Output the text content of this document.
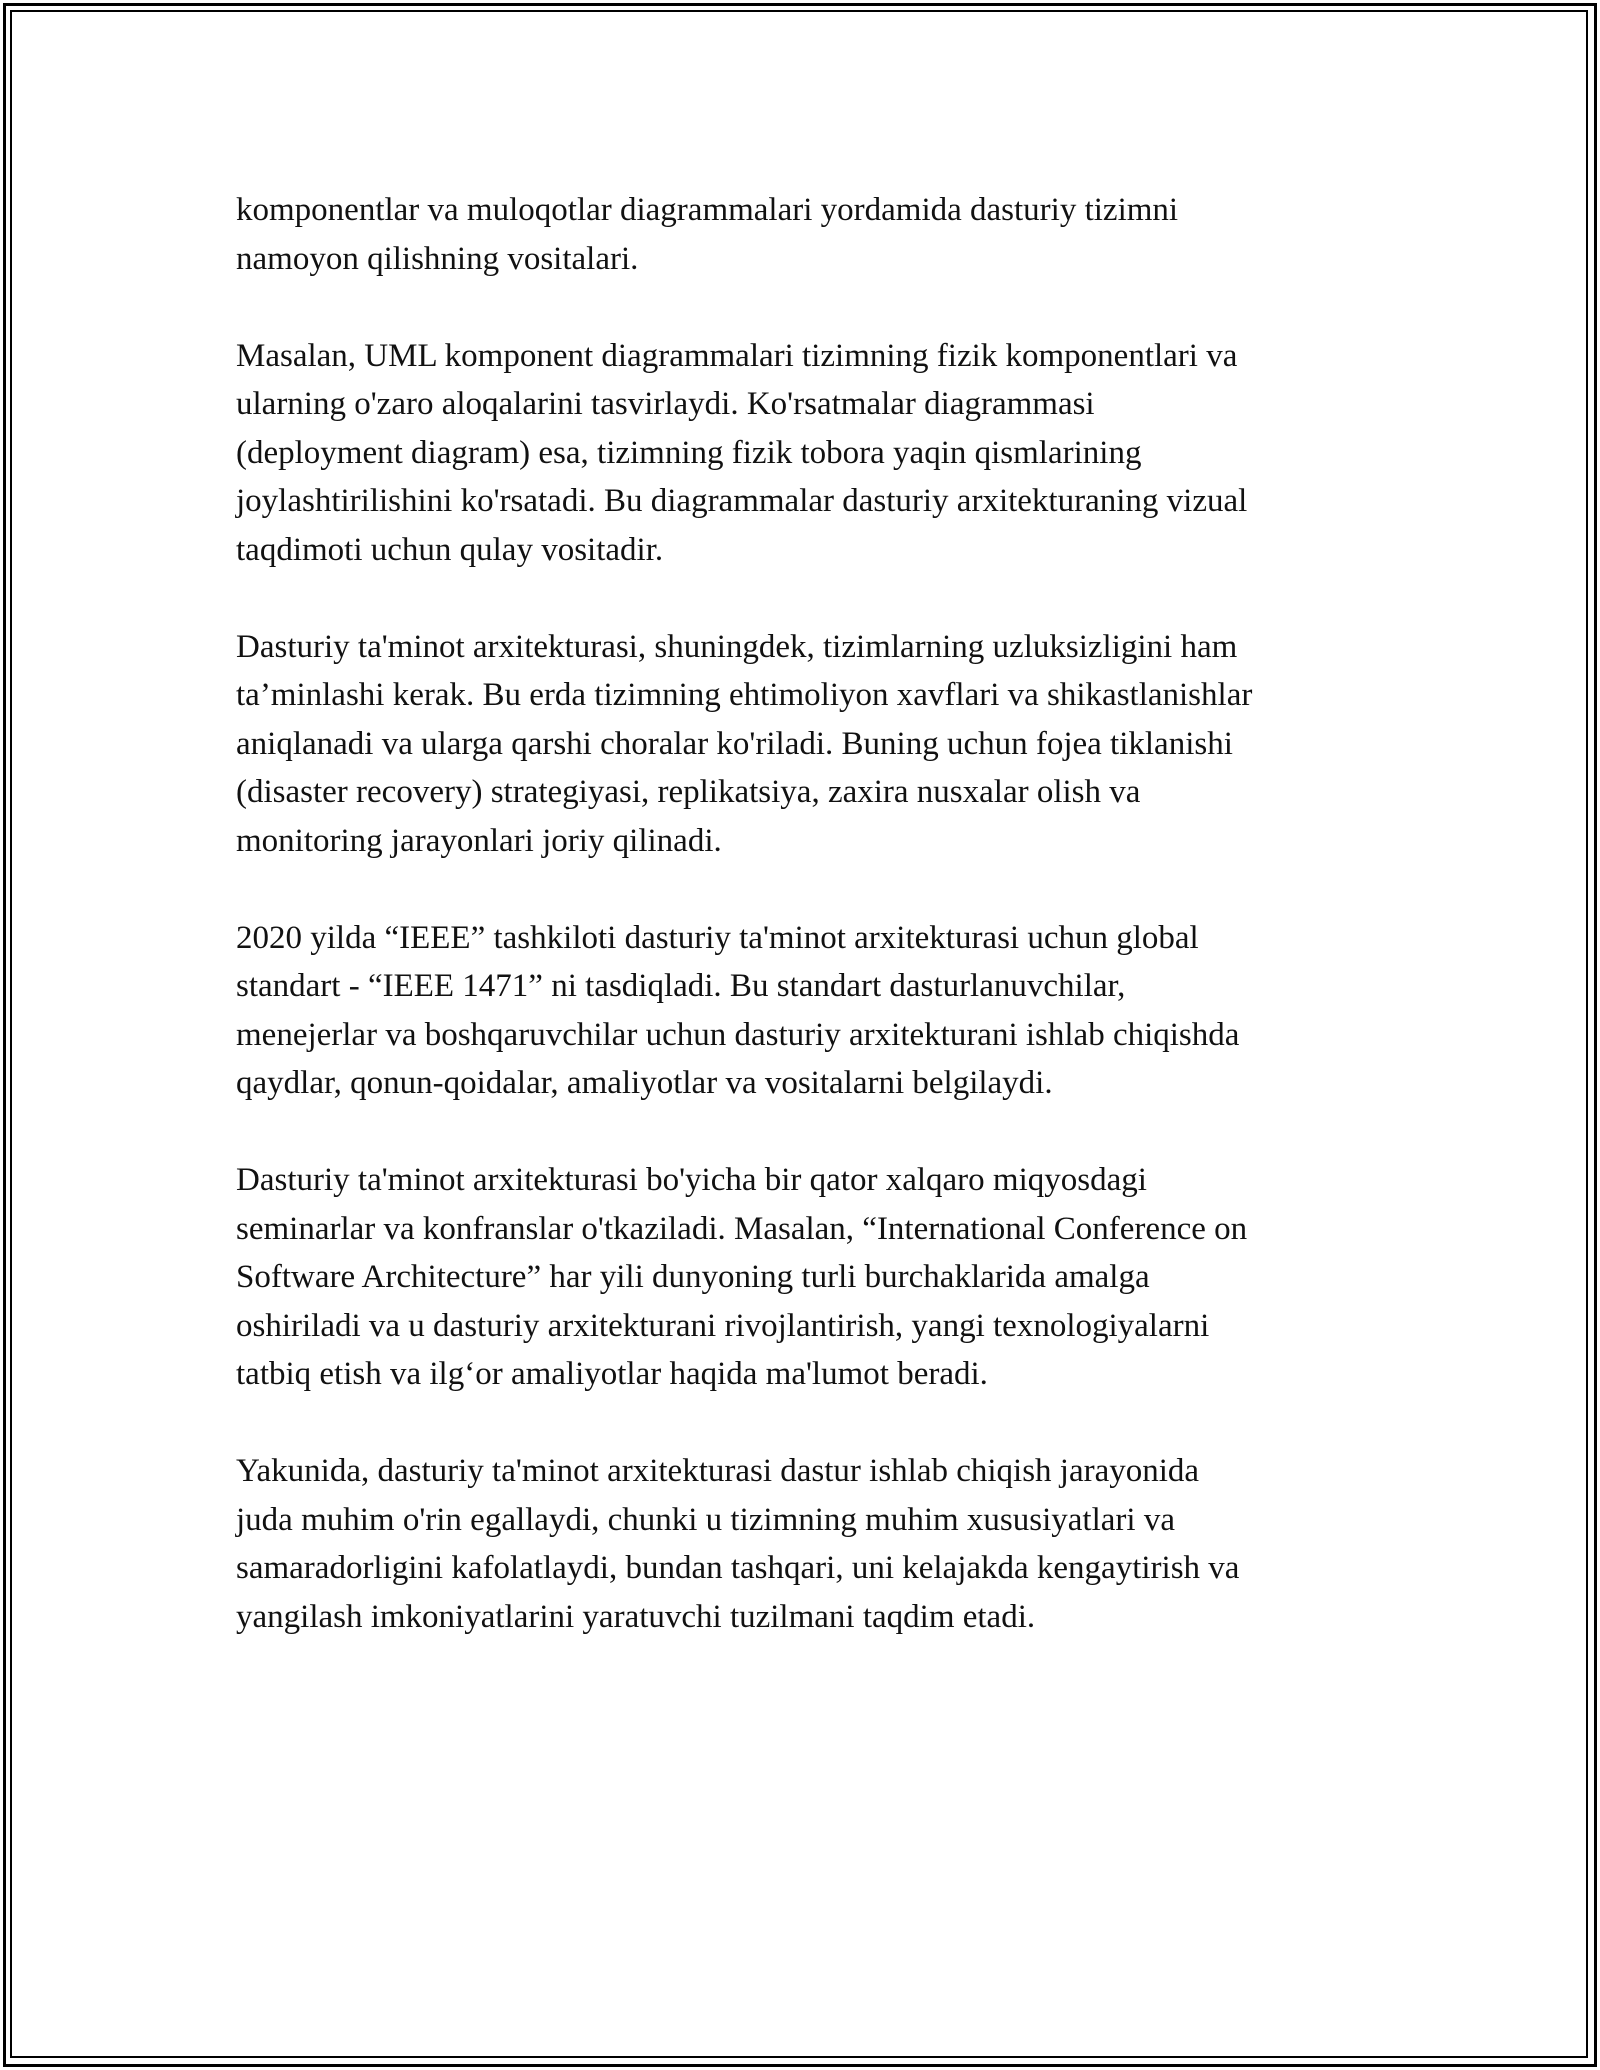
komponentlar va muloqotlar diagrammalari yordamida dasturiy tizimni
namoyon qilishning vositalari.

Masalan, UML komponent diagrammalari tizimning fizik komponentlari va
ularning o'zaro aloqalarini tasvirlaydi. Ko'rsatmalar diagrammasi
(deployment diagram) esa, tizimning fizik tobora yaqin qismlarining
joylashtirilishini ko'rsatadi. Bu diagrammalar dasturiy arxitekturaning vizual
taqdimoti uchun qulay vositadir.

Dasturiy ta'minot arxitekturasi, shuningdek, tizimlarning uzluksizligini ham
ta’minlashi kerak. Bu erda tizimning ehtimoliyon xavflari va shikastlanishlar
aniqlanadi va ularga qarshi choralar ko'riladi. Buning uchun fojea tiklanishi
(disaster recovery) strategiyasi, replikatsiya, zaxira nusxalar olish va
monitoring jarayonlari joriy qilinadi.

2020 yilda “IEEE” tashkiloti dasturiy ta'minot arxitekturasi uchun global
standart - “IEEE 1471” ni tasdiqladi. Bu standart dasturlanuvchilar,
menejerlar va boshqaruvchilar uchun dasturiy arxitekturani ishlab chiqishda
qaydlar, qonun-qoidalar, amaliyotlar va vositalarni belgilaydi.

Dasturiy ta'minot arxitekturasi bo'yicha bir qator xalqaro miqyosdagi
seminarlar va konfranslar o'tkaziladi. Masalan, “International Conference on
Software Architecture” har yili dunyoning turli burchaklarida amalga
oshiriladi va u dasturiy arxitekturani rivojlantirish, yangi texnologiyalarni
tatbiq etish va ilg‘or amaliyotlar haqida ma'lumot beradi.

Yakunida, dasturiy ta'minot arxitekturasi dastur ishlab chiqish jarayonida
juda muhim o'rin egallaydi, chunki u tizimning muhim xususiyatlari va
samaradorligini kafolatlaydi, bundan tashqari, uni kelajakda kengaytirish va
yangilash imkoniyatlarini yaratuvchi tuzilmani taqdim etadi.
